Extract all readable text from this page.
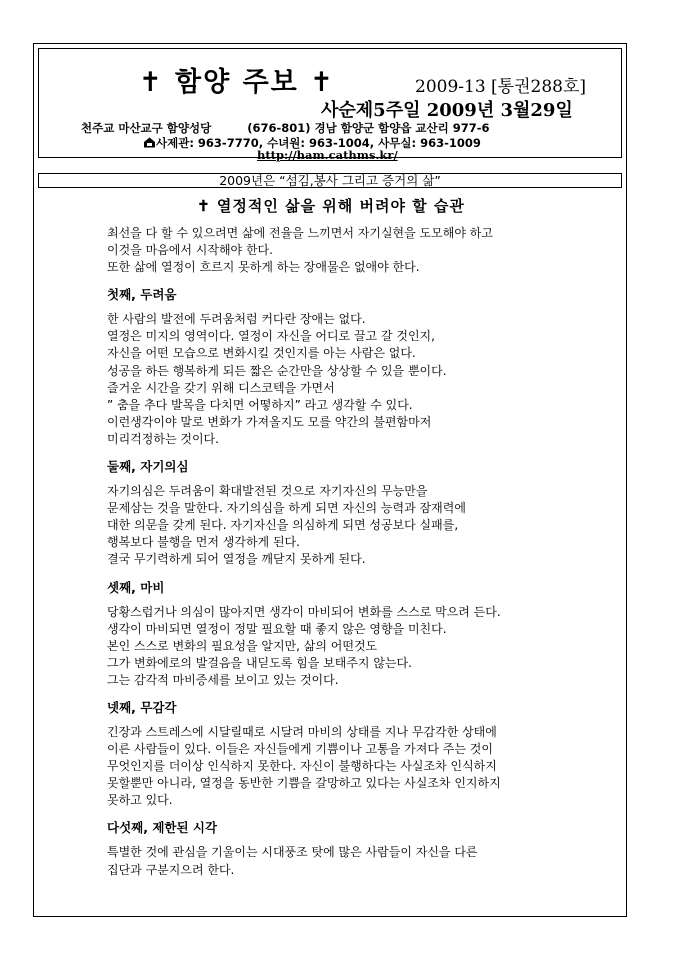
✝ 함양 주보 ✝	2009-13 [통권288호]
사순제5주일 2009년 3월29일
천주교 마산교구 함양성당	(676-801) 경남 함양군 함양읍 교산리 977-6
사제관: 963-7770, 수녀원: 963-1004, 사무실: 963-1009
http://ham.cathms.kr/
2009년은 “섬김,봉사 그리고 증거의 삶”
✝ 열정적인 삶을 위해 버려야 할 습관

최선을 다 할 수 있으려면 삶에 전율을 느끼면서 자기실현을 도모해야 하고
이것을 마음에서 시작해야 한다.
또한 삶에 열정이 흐르지 못하게 하는 장애물은 없애야 한다.

첫째, 두려움

한 사람의 발전에 두려움처럼 커다란 장애는 없다.
열정은 미지의 영역이다. 열정이 자신을 어디로 끌고 갈 것인지,
자신을 어떤 모습으로 변화시킬 것인지를 아는 사람은 없다.
성공을 하든 행복하게 되든 짧은 순간만을 상상할 수 있을 뿐이다.
즐거운 시간을 갖기 위해 디스코텍을 가면서
” 춤을 추다 발목을 다치면 어떻하지” 라고 생각할 수 있다.
이런생각이야 말로 변화가 가져올지도 모를 약간의 불편함마저
미리걱정하는 것이다.

둘째, 자기의심

자기의심은 두려움이 확대발전된 것으로 자기자신의 무능만을
문제삼는 것을 말한다. 자기의심을 하게 되면 자신의 능력과 잠재력에
대한 의문을 갖게 된다. 자기자신을 의심하게 되면 성공보다 실패를,
행복보다 불행을 먼저 생각하게 된다.
결국 무기력하게 되어 열정을 깨닫지 못하게 된다.

셋째, 마비

당황스럽거나 의심이 많아지면 생각이 마비되어 변화를 스스로 막으려 든다.
생각이 마비되면 열정이 정말 필요할 때 좋지 않은 영향을 미친다.
본인 스스로 변화의 필요성을 알지만, 삶의 어떤것도
그가 변화에로의 발걸음을 내딛도록 힘을 보태주지 않는다.
그는 감각적 마비증세를 보이고 있는 것이다.

넷째, 무감각

긴장과 스트레스에 시달릴때로 시달려 마비의 상태를 지나 무감각한 상태에
이른 사람들이 있다. 이들은 자신들에게 기쁨이나 고통을 가져다 주는 것이
무엇인지를 더이상 인식하지 못한다. 자신이 불행하다는 사실조차 인식하지
못할뿐만 아니라, 열정을 동반한 기쁨을 갈망하고 있다는 사실조차 인지하지
못하고 있다.

다섯째, 제한된 시각

특별한 것에 관심을 기울이는 시대풍조 탓에 많은 사람들이 자신을 다른
집단과 구분지으려 한다.
